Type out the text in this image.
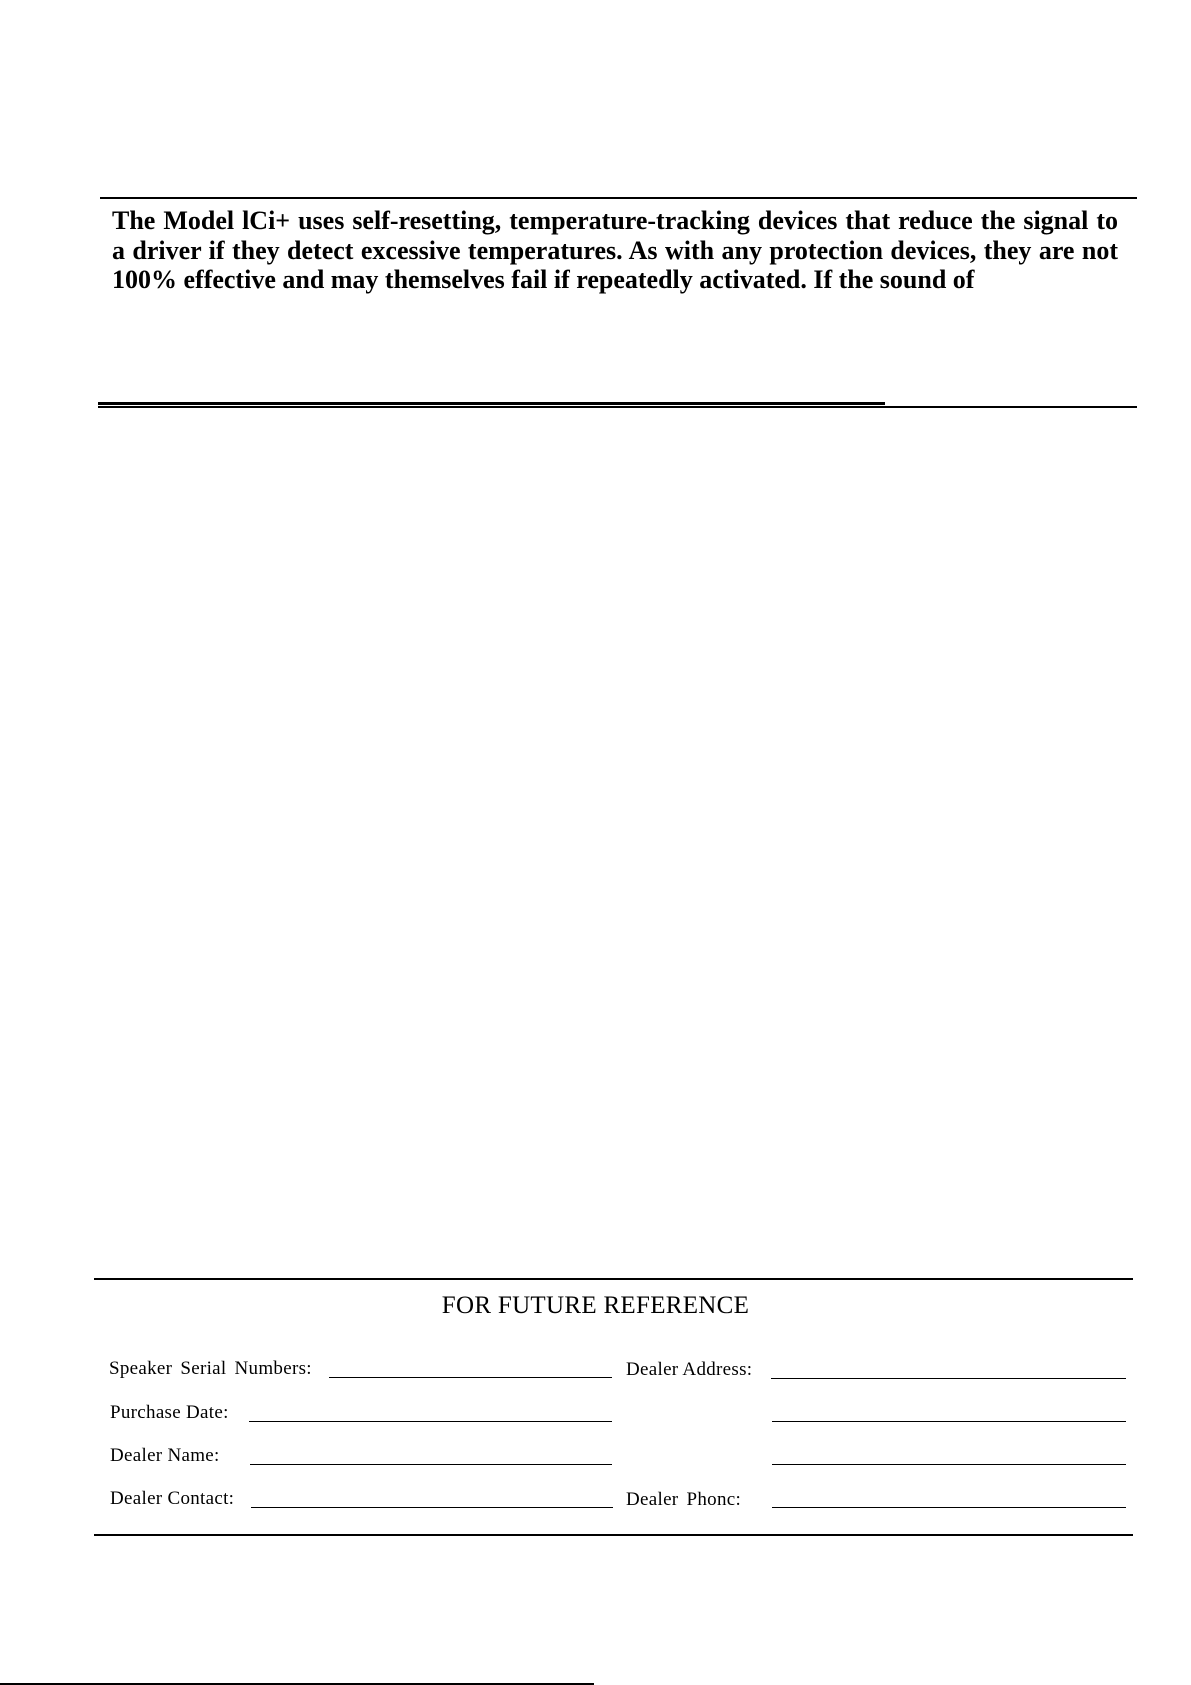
The Model lCi+ uses self-resetting, temperature-tracking devices that reduce the signal to a driver if they detect excessive temperatures. As with any protection devices, they are not 100% effective and may themselves fail if repeatedly activated. If the sound of

FOR FUTURE REFERENCE
Speaker Serial Numbers:
Purchase Date:
Dealer Name:
Dealer Contact:
Dealer Address:
Dealer Phonc:
